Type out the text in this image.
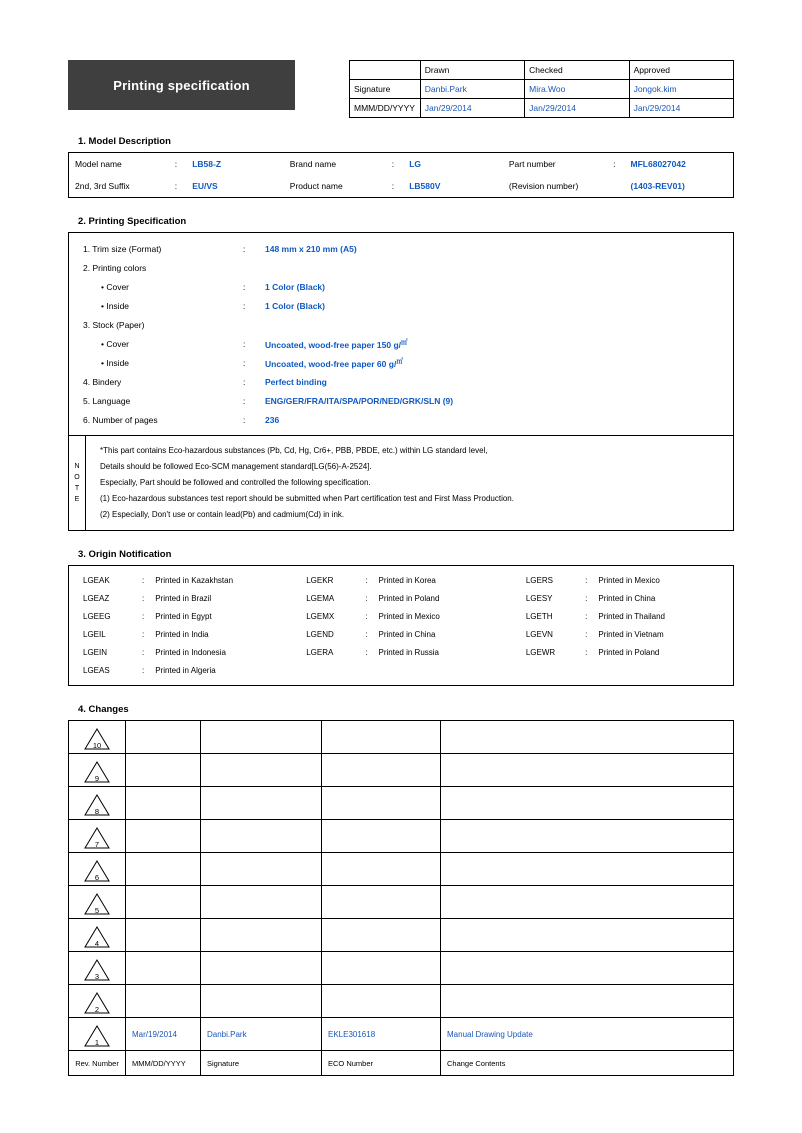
Printing specification
	Drawn	Checked	Approved
Signature	Danbi.Park	Mira.Woo	Jongok.kim
MMM/DD/YYYY	Jan/29/2014	Jan/29/2014	Jan/29/2014
1. Model Description
Model name	:	LB58-Z	Brand name	:	LG	Part number	:	MFL68027042
2nd, 3rd Suffix	:	EU/VS	Product name	:	LB580V	(Revision number)		(1403-REV01)
2. Printing Specification
1. Trim size (Format)	:	148 mm x 210 mm (A5)
2. Printing colors		
• Cover	:	1 Color (Black)
• Inside	:	1 Color (Black)
3. Stock (Paper)		
• Cover	:	Uncoated, wood-free paper 150 g/㎡
• Inside	:	Uncoated, wood-free paper 60 g/㎡
4. Bindery	:	Perfect binding
5. Language	:	ENG/GER/FRA/ITA/SPA/POR/NED/GRK/SLN (9)
6. Number of pages	:	236
N
O
T
E
*This part contains Eco-hazardous substances (Pb, Cd, Hg, Cr6+, PBB, PBDE, etc.) within LG standard level,
Details should be followed Eco-SCM management standard[LG(56)-A-2524].
Especially, Part should be followed and controlled the following specification.
(1) Eco-hazardous substances test report should be submitted when Part certification test and First Mass Production.
(2) Especially, Don't use or contain lead(Pb) and cadmium(Cd) in ink.
3. Origin Notification
LGEAK	:	Printed in Kazakhstan	LGEKR	:	Printed in Korea	LGERS	:	Printed in Mexico
LGEAZ	:	Printed in Brazil	LGEMA	:	Printed in Poland	LGESY	:	Printed in China
LGEEG	:	Printed in Egypt	LGEMX	:	Printed in Mexico	LGETH	:	Printed in Thailand
LGEIL	:	Printed in India	LGEND	:	Printed in China	LGEVN	:	Printed in Vietnam
LGEIN	:	Printed in Indonesia	LGERA	:	Printed in Russia	LGEWR	:	Printed in Poland
LGEAS	:	Printed in Algeria						
4. Changes
10				

9				

8				

7				

6				

5				

4				

3				

2				

1	Mar/19/2014	Danbi.Park	EKLE301618	Manual Drawing Update
Rev. Number	MMM/DD/YYYY	Signature	ECO Number	Change Contents
